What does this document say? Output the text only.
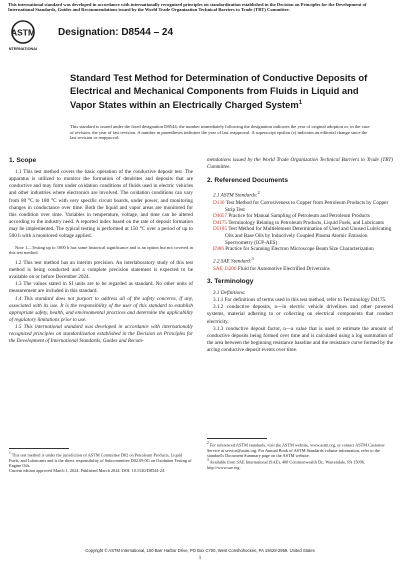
This international standard was developed in accordance with internationally recognized principles on standardization established in the Decision on Principles for the Development of International Standards, Guides and Recommendations issued by the World Trade Organization Technical Barriers to Trade (TBT) Committee.
ASTM
INTERNATIONAL
Designation: D8544 – 24
Standard Test Method for Determination of Conductive Deposits of Electrical and Mechanical Components from Fluids in Liquid and Vapor States within an Electrically Charged System$^1$
This standard is issued under the fixed designation D8544; the number immediately following the designation indicates the year of original adoption or, in the case of revision, the year of last revision. A number in parentheses indicates the year of last reapproval. A superscript epsilon (ε) indicates an editorial change since the last revision or reapproval.
1. Scope

1.1 This test method covers the basic operation of the conductive deposit test. The apparatus is utilized to monitor the formation of dendrites and deposits that are conductive and may form under oxidation conditions of fluids used in electric vehicles and other industries where electronics are involved. The oxidation conditions can vary from 80 °C to 180 °C with very specific circuit boards, under power, and monitoring changes in conductance over time. Both the liquid and vapor areas are monitored for this condition over time. Variables in temperature, voltage, and time can be altered according to the industry need. A reported index based on the rate of deposit formation may be implemented. The typical testing is performed at 150 °C over a period of up to 500 h with a monitored voltage applied.

Note 1—Testing up to 1000 h has some historical significance and is an option but not covered in this test method.

1.2 This test method has an interim precision. An interlaboratory study of this test method is being conducted and a complete precision statement is expected to be available on or before December 2024.

1.3 The values stated in SI units are to be regarded as standard. No other units of measurement are included in this standard.

1.4 This standard does not purport to address all of the safety concerns, if any, associated with its use. It is the responsibility of the user of this standard to establish appropriate safety, health, and environmental practices and determine the applicability of regulatory limitations prior to use.

1.5 This international standard was developed in accordance with internationally recognized principles on standardization established in the Decision on Principles for the Development of International Standards, Guides and Recom-

$^1$ This test method is under the jurisdiction of ASTM Committee D02 on Petroleum Products, Liquid Fuels, and Lubricants and is the direct responsibility of Subcommittee D02.09.0G on Oxidation Testing of Engine Oils.
Current edition approved March 1, 2024. Published March 2024. DOI: 10.1520/D8544-24

mendations issued by the World Trade Organization Technical Barriers to Trade (TBT) Committee.

2. Referenced Documents
2.1 ASTM Standards:$^2$
D130 Test Method for Corrosiveness to Copper from Petroleum Products by Copper Strip Test
D4057 Practice for Manual Sampling of Petroleum and Petroleum Products
D4175 Terminology Relating to Petroleum Products, Liquid Fuels, and Lubricants
D5185 Test Method for Multielement Determination of Used and Unused Lubricating Oils and Base Oils by Inductively Coupled Plasma Atomic Emission Spectrometry (ICP-AES)
E986 Practice for Scanning Electron Microscope Beam Size Characterization
2.2 SAE Standard:$^3$
SAE J3200 Fluid for Automotive Electrified Drivetrains
3. Terminology
3.1 Definitions:

3.1.1 For definitions of terms used in this test method, refer to Terminology D4175.

3.1.2 conductive deposits, n—in electric vehicle drivelines and other powered systems, material adhering to or collecting on electrical components that conduct electricity.

3.1.3 conductive deposit factor, n—a value that is used to estimate the amount of conductive deposits being formed over time and is calculated using a log summation of the area between the beginning resistance baseline and the resistance curve formed by the arcing conductive deposit events over time.

$^2$ For referenced ASTM standards, visit the ASTM website, www.astm.org, or contact ASTM Customer Service at service@astm.org. For Annual Book of ASTM Standards volume information, refer to the standard's Document Summary page on the ASTM website.
$^3$ Available from SAE International (SAE), 400 Commonwealth Dr., Warrendale, PA 15096, http://www.sae.org.
Copyright © ASTM International, 100 Barr Harbor Drive, PO Box C700, West Conshohocken, PA 19428-2959. United States
1
